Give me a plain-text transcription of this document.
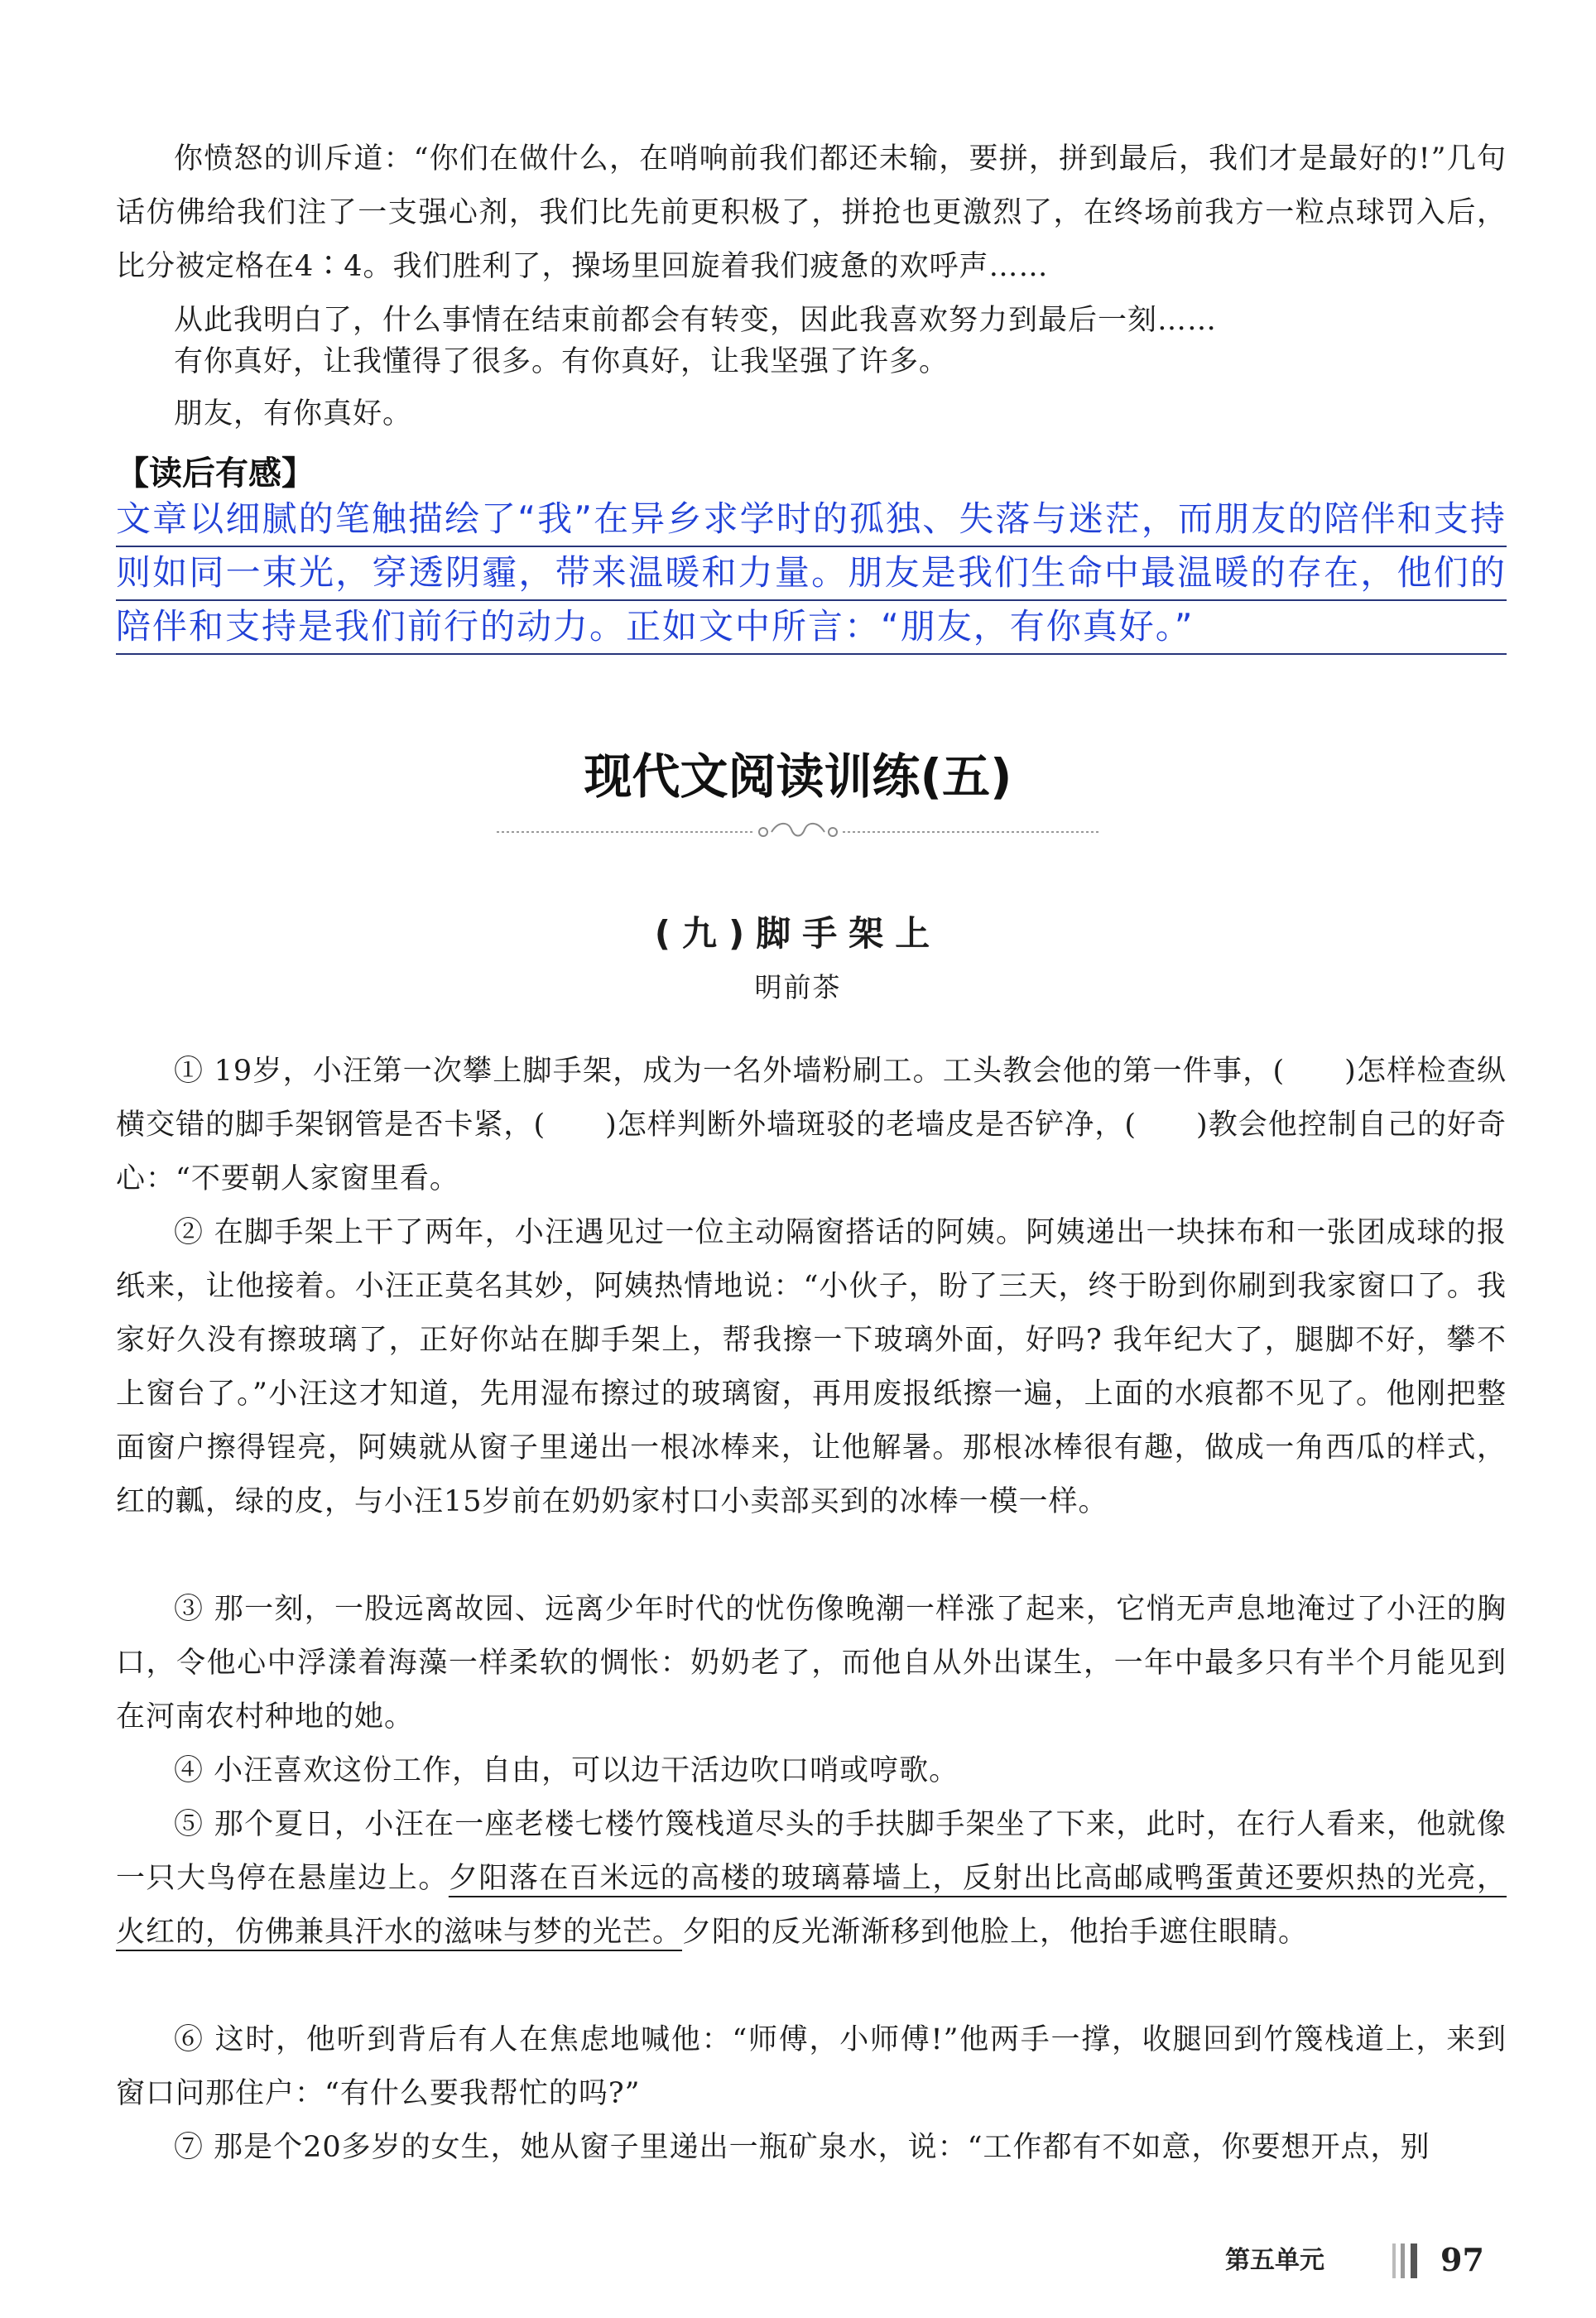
你愤怒的训斥道：“你们在做什么，在哨响前我们都还未输，要拼，拼到最后，我们才是最好的!”几句话仿佛给我们注了一支强心剂，我们比先前更积极了，拼抢也更激烈了，在终场前我方一粒点球罚入后，比分被定格在4∶4。我们胜利了，操场里回旋着我们疲惫的欢呼声……

从此我明白了，什么事情在结束前都会有转变，因此我喜欢努力到最后一刻……

有你真好，让我懂得了很多。有你真好，让我坚强了许多。

朋友，有你真好。

【读后有感】
文章以细腻的笔触描绘了“我”在异乡求学时的孤独、失落与迷茫，而朋友的陪伴和支持则如同一束光，穿透阴霾，带来温暖和力量。朋友是我们生命中最温暖的存在，他们的陪伴和支持是我们前行的动力。正如文中所言：“朋友，有你真好。”
现代文阅读训练(五)
(九)脚手架上
明前茶

① 19岁，小汪第一次攀上脚手架，成为一名外墙粉刷工。工头教会他的第一件事，( )怎样检查纵横交错的脚手架钢管是否卡紧，( )怎样判断外墙斑驳的老墙皮是否铲净，( )教会他控制自己的好奇心：“不要朝人家窗里看。

② 在脚手架上干了两年，小汪遇见过一位主动隔窗搭话的阿姨。阿姨递出一块抹布和一张团成球的报纸来，让他接着。小汪正莫名其妙，阿姨热情地说：“小伙子，盼了三天，终于盼到你刷到我家窗口了。我家好久没有擦玻璃了，正好你站在脚手架上，帮我擦一下玻璃外面，好吗? 我年纪大了，腿脚不好，攀不上窗台了。”小汪这才知道，先用湿布擦过的玻璃窗，再用废报纸擦一遍，上面的水痕都不见了。他刚把整面窗户擦得锃亮，阿姨就从窗子里递出一根冰棒来，让他解暑。那根冰棒很有趣，做成一角西瓜的样式，红的瓤，绿的皮，与小汪15岁前在奶奶家村口小卖部买到的冰棒一模一样。

③ 那一刻，一股远离故园、远离少年时代的忧伤像晚潮一样涨了起来，它悄无声息地淹过了小汪的胸口，令他心中浮漾着海藻一样柔软的惆怅：奶奶老了，而他自从外出谋生，一年中最多只有半个月能见到在河南农村种地的她。

④ 小汪喜欢这份工作，自由，可以边干活边吹口哨或哼歌。

⑤ 那个夏日，小汪在一座老楼七楼竹篾栈道尽头的手扶脚手架坐了下来，此时，在行人看来，他就像一只大鸟停在悬崖边上。夕阳落在百米远的高楼的玻璃幕墙上，反射出比高邮咸鸭蛋黄还要炽热的光亮，火红的，仿佛兼具汗水的滋味与梦的光芒。夕阳的反光渐渐移到他脸上，他抬手遮住眼睛。

⑥ 这时，他听到背后有人在焦虑地喊他：“师傅，小师傅!”他两手一撑，收腿回到竹篾栈道上，来到窗口问那住户：“有什么要我帮忙的吗?”

⑦ 那是个20多岁的女生，她从窗子里递出一瓶矿泉水，说：“工作都有不如意，你要想开点，别

第五单元	97
